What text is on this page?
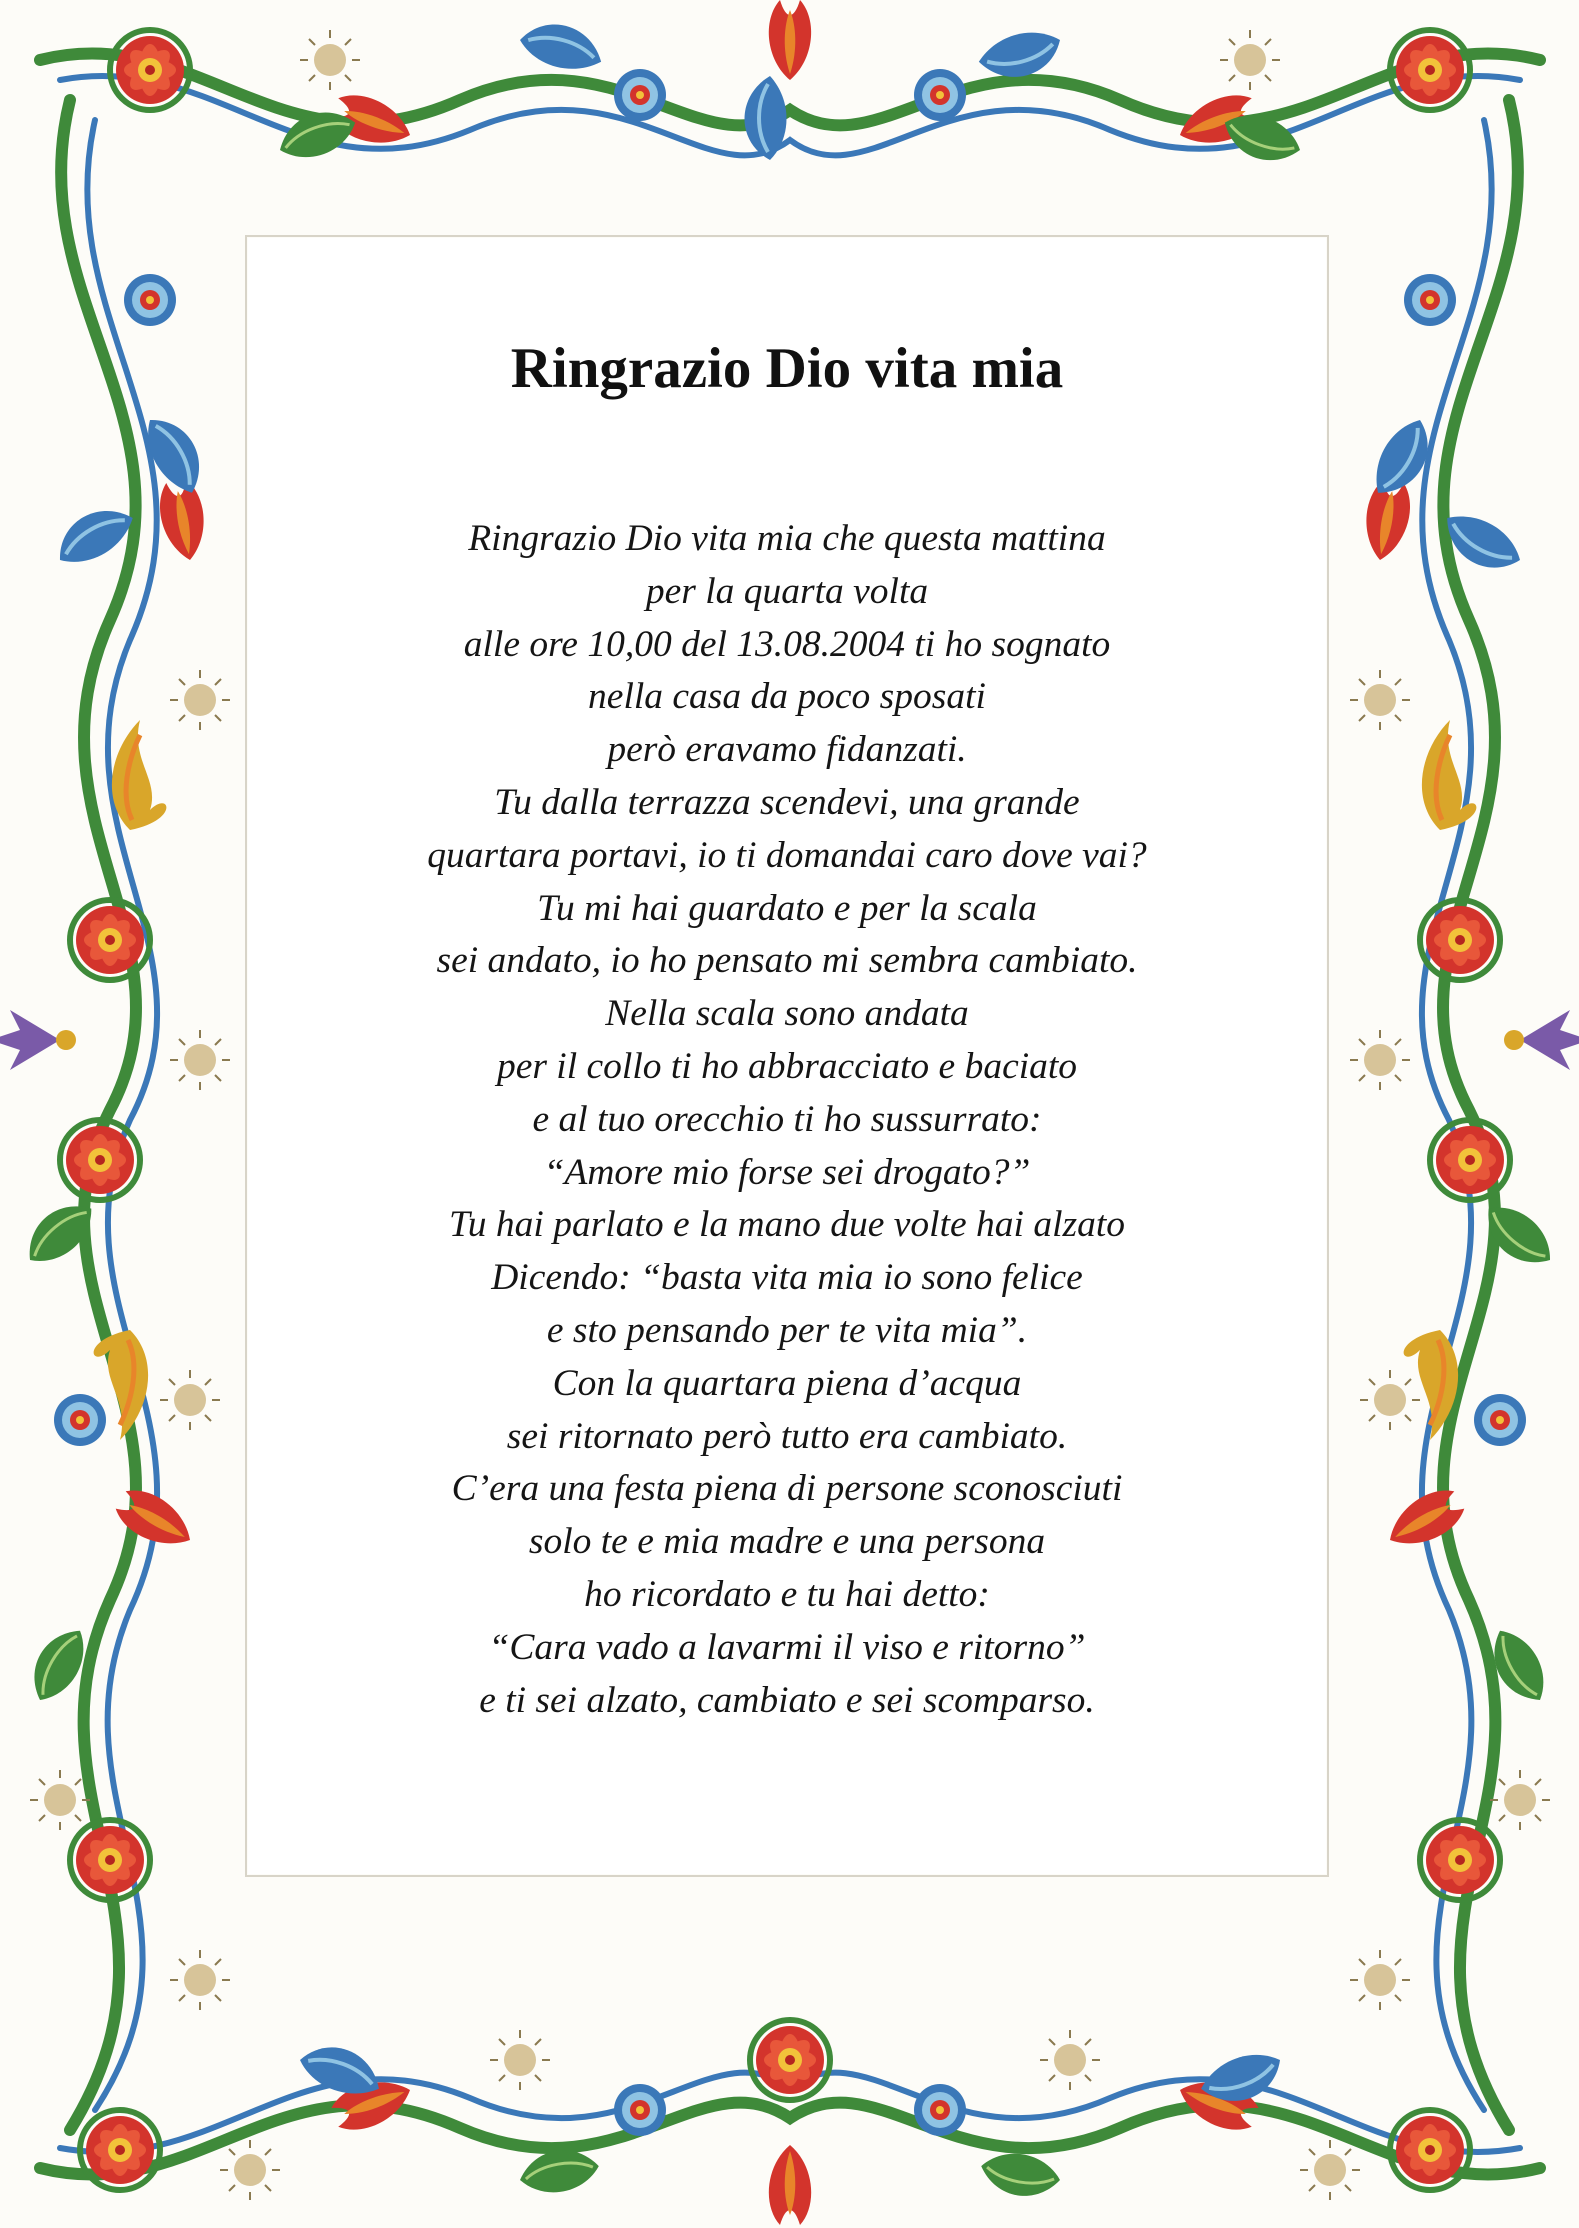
Ringrazio Dio vita mia
Ringrazio Dio vita mia che questa mattina
per la quarta volta
alle ore 10,00 del 13.08.2004 ti ho sognato
nella casa da poco sposati
però eravamo fidanzati.
Tu dalla terrazza scendevi, una grande
quartara portavi, io ti domandai caro dove vai?
Tu mi hai guardato e per la scala
sei andato, io ho pensato mi sembra cambiato.
Nella scala sono andata
per il collo ti ho abbracciato e baciato
e al tuo orecchio ti ho sussurrato:
“Amore mio forse sei drogato?”
Tu hai parlato e la mano due volte hai alzato
Dicendo: “basta vita mia io sono felice
e sto pensando per te vita mia”.
Con la quartara piena d’acqua
sei ritornato però tutto era cambiato.
C’era una festa piena di persone sconosciuti
solo te e mia madre e una persona
ho ricordato e tu hai detto:
“Cara vado a lavarmi il viso e ritorno”
e ti sei alzato, cambiato e sei scomparso.
